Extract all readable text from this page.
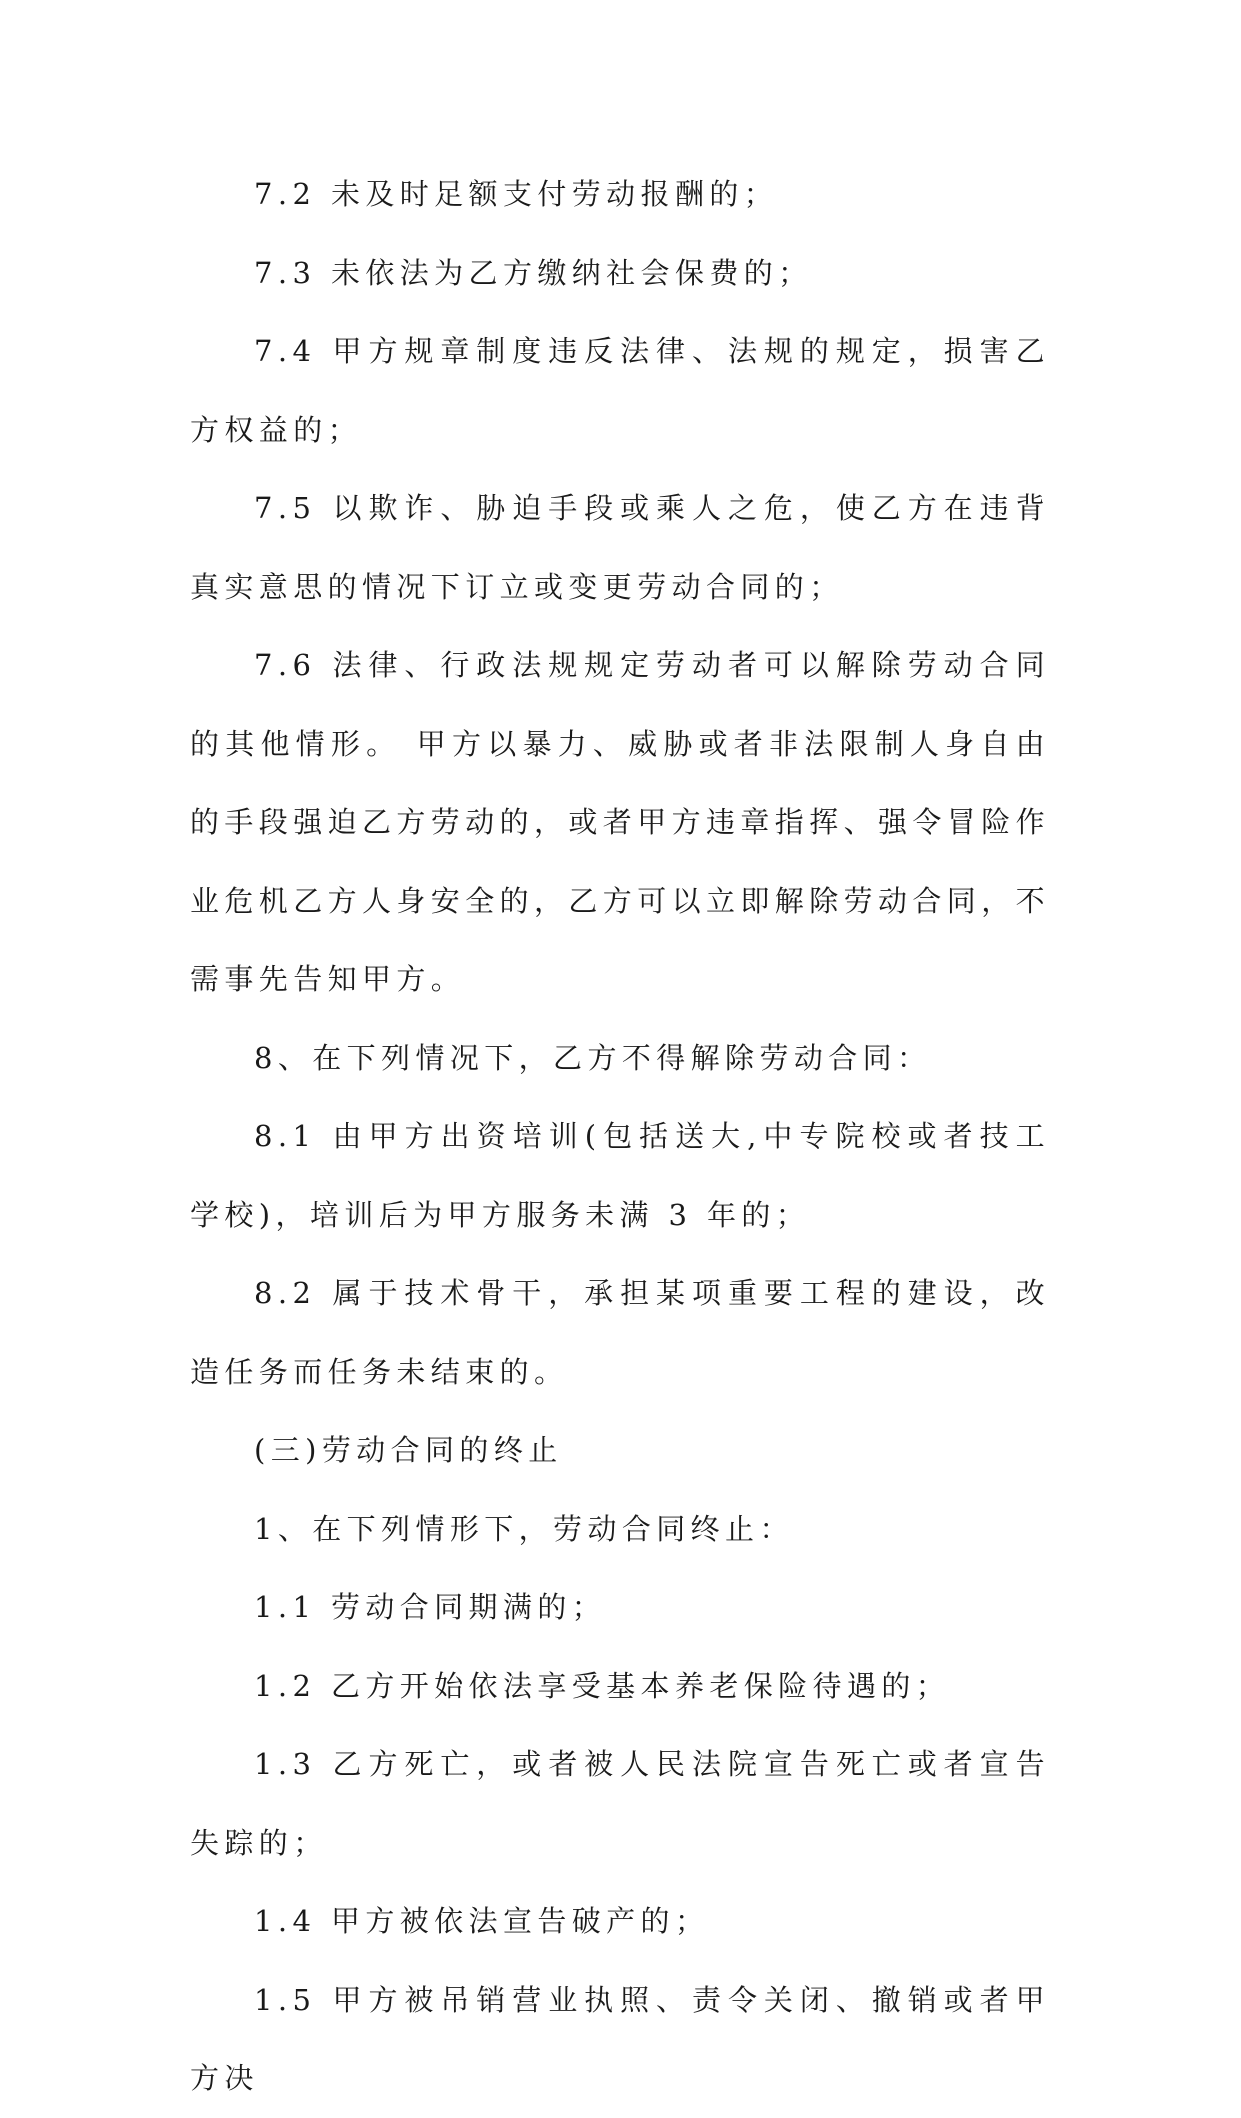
7.2 未及时足额支付劳动报酬的；

7.3 未依法为乙方缴纳社会保费的；

7.4 甲方规章制度违反法律、法规的规定，损害乙方权益的；

7.5 以欺诈、胁迫手段或乘人之危，使乙方在违背真实意思的情况下订立或变更劳动合同的；

7.6 法律、行政法规规定劳动者可以解除劳动合同的其他情形。 甲方以暴力、威胁或者非法限制人身自由的手段强迫乙方劳动的，或者甲方违章指挥、强令冒险作业危机乙方人身安全的，乙方可以立即解除劳动合同，不需事先告知甲方。

8、在下列情况下，乙方不得解除劳动合同：

8.1 由甲方出资培训(包括送大,中专院校或者技工学校)，培训后为甲方服务未满 3 年的；

8.2 属于技术骨干，承担某项重要工程的建设，改造任务而任务未结束的。

(三)劳动合同的终止

1、在下列情形下，劳动合同终止：

1.1 劳动合同期满的；

1.2 乙方开始依法享受基本养老保险待遇的；

1.3 乙方死亡，或者被人民法院宣告死亡或者宣告失踪的；

1.4 甲方被依法宣告破产的；

1.5 甲方被吊销营业执照、责令关闭、撤销或者甲方决
